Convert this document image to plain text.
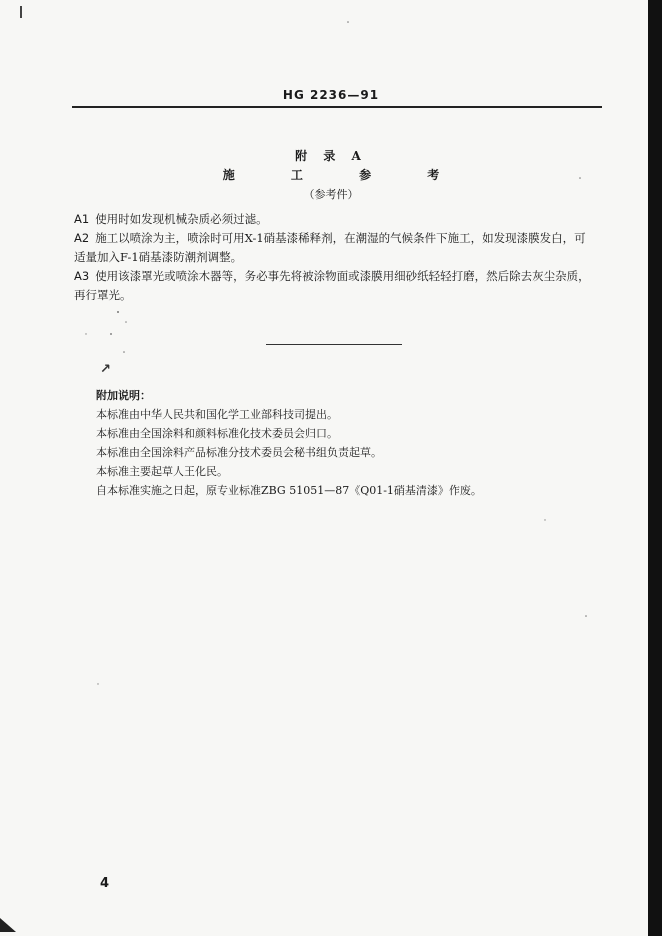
HG 2236—91
附 录 A
施 工 参 考
（参考件）

A1 使用时如发现机械杂质必须过滤。

A2 施工以喷涂为主，喷涂时可用X-1硝基漆稀释剂，在潮湿的气候条件下施工，如发现漆膜发白，可适量加入F-1硝基漆防潮剂调整。

A3 使用该漆罩光或喷涂木器等，务必事先将被涂物面或漆膜用细砂纸轻轻打磨，然后除去灰尘杂质，再行罩光。

↗

附加说明：

本标准由中华人民共和国化学工业部科技司提出。

本标准由全国涂料和颜料标准化技术委员会归口。

本标准由全国涂料产品标准分技术委员会秘书组负责起草。

本标准主要起草人王化民。

自本标准实施之日起，原专业标准ZBG 51051—87《Q01-1硝基清漆》作废。

4
